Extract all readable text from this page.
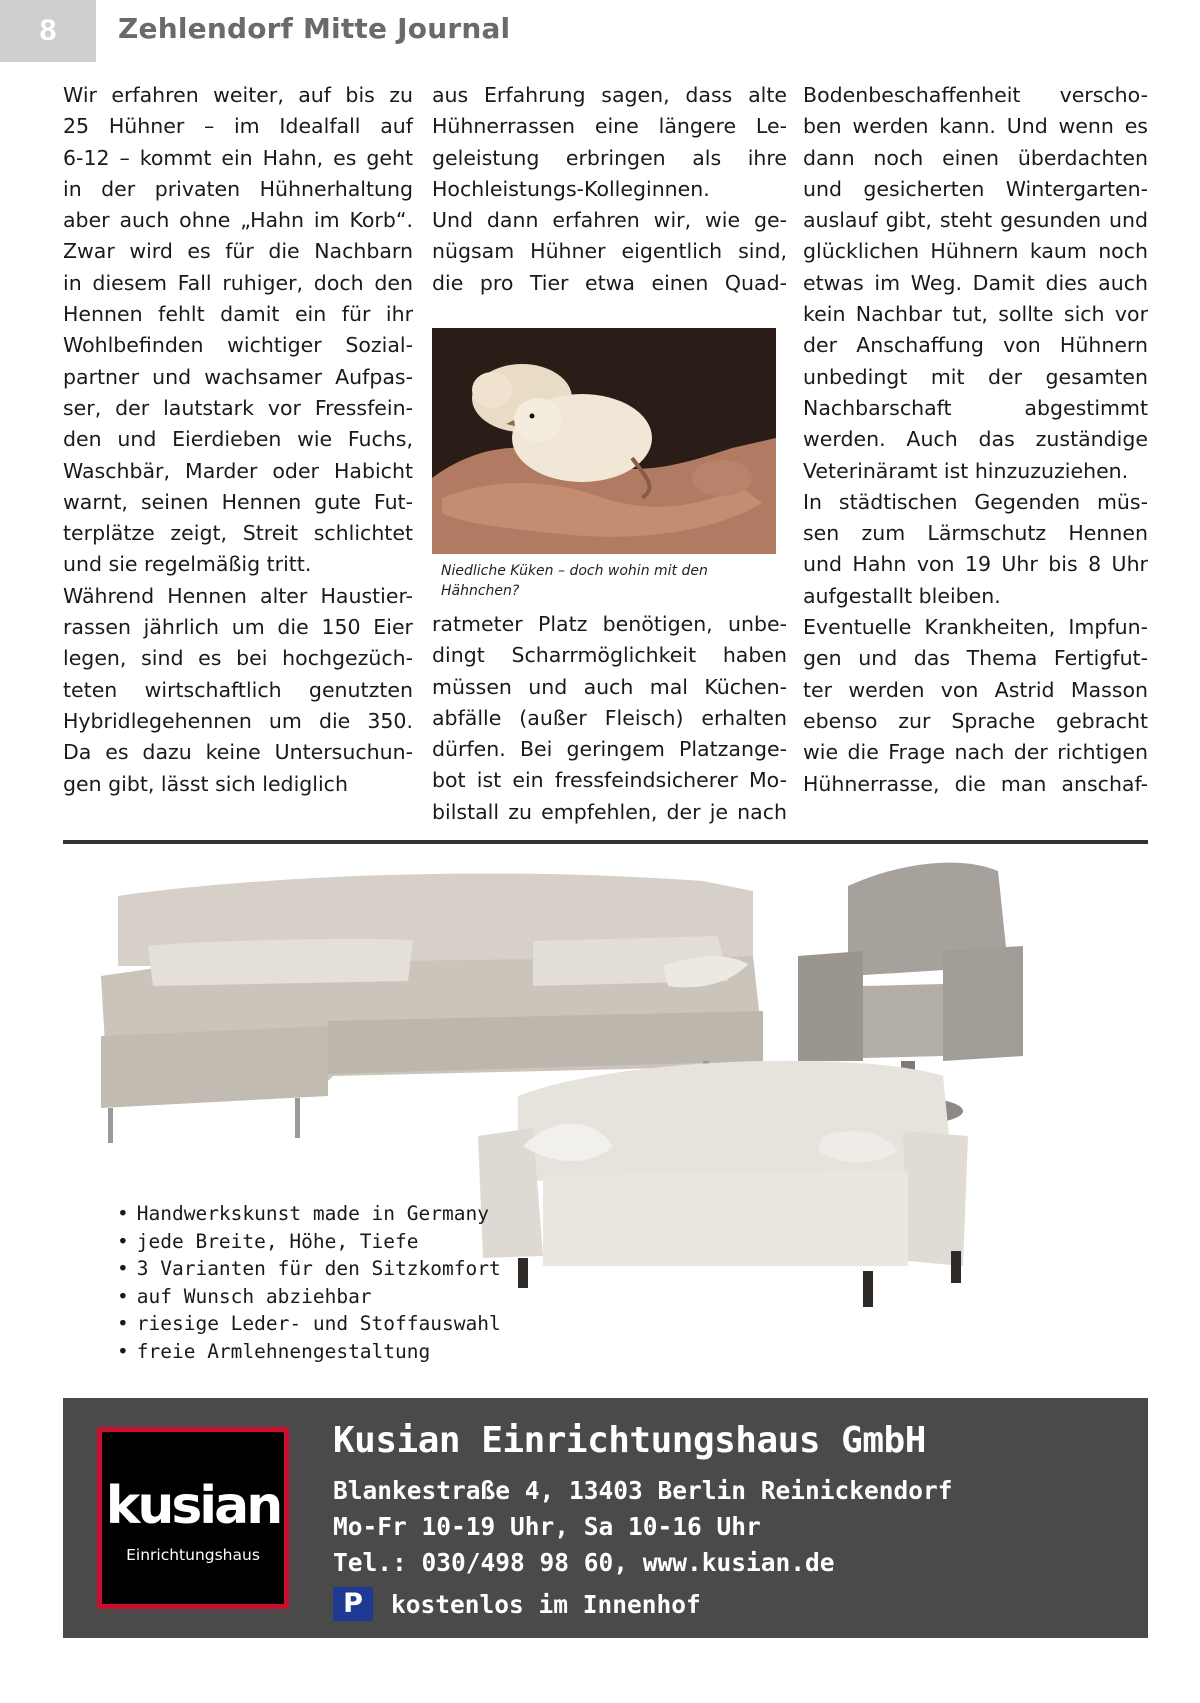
8	Zehlendorf Mitte Journal
Wir erfahren weiter, auf bis zu
25 Hühner – im Idealfall auf
6-12 – kommt ein Hahn, es geht
in der privaten Hühnerhaltung
aber auch ohne „Hahn im Korb“.
Zwar wird es für die Nachbarn
in diesem Fall ruhiger, doch den
Hennen fehlt damit ein für ihr
Wohlbefinden wichtiger Sozial-
partner und wachsamer Aufpas-
ser, der lautstark vor Fressfein-
den und Eierdieben wie Fuchs,
Waschbär, Marder oder Habicht
warnt, seinen Hennen gute Fut-
terplätze zeigt, Streit schlichtet
und sie regelmäßig tritt.
Während Hennen alter Haustier-
rassen jährlich um die 150 Eier
legen, sind es bei hochgezüch-
teten wirtschaftlich genutzten
Hybridlegehennen um die 350.
Da es dazu keine Untersuchun-
gen gibt, lässt sich lediglich
aus Erfahrung sagen, dass alte
Hühnerrassen eine längere Le-
geleistung erbringen als ihre
Hochleistungs-Kolleginnen.
Und dann erfahren wir, wie ge-
nügsam Hühner eigentlich sind,
die pro Tier etwa einen Quad-
Niedliche Küken – doch wohin mit den
Hähnchen?
ratmeter Platz benötigen, unbe-
dingt Scharrmöglichkeit haben
müssen und auch mal Küchen-
abfälle (außer Fleisch) erhalten
dürfen. Bei geringem Platzange-
bot ist ein fressfeindsicherer Mo-
bilstall zu empfehlen, der je nach
Bodenbeschaffenheit verscho-
ben werden kann. Und wenn es
dann noch einen überdachten
und gesicherten Wintergarten-
auslauf gibt, steht gesunden und
glücklichen Hühnern kaum noch
etwas im Weg. Damit dies auch
kein Nachbar tut, sollte sich vor
der Anschaffung von Hühnern
unbedingt mit der gesamten
Nachbarschaft abgestimmt
werden. Auch das zuständige
Veterinäramt ist hinzuzuziehen.
In städtischen Gegenden müs-
sen zum Lärmschutz Hennen
und Hahn von 19 Uhr bis 8 Uhr
aufgestallt bleiben.
Eventuelle Krankheiten, Impfun-
gen und das Thema Fertigfut-
ter werden von Astrid Masson
ebenso zur Sprache gebracht
wie die Frage nach der richtigen
Hühnerrasse, die man anschaf-
• Handwerkskunst made in Germany
• jede Breite, Höhe, Tiefe
• 3 Varianten für den Sitzkomfort
• auf Wunsch abziehbar
• riesige Leder- und Stoffauswahl
• freie Armlehnengestaltung
kusian
Einrichtungshaus
Kusian Einrichtungshaus GmbH
Blankestraße 4, 13403 Berlin Reinickendorf
Mo-Fr 10-19 Uhr, Sa 10-16 Uhr
Tel.: 030/498 98 60, www.kusian.de
P	kostenlos im Innenhof
